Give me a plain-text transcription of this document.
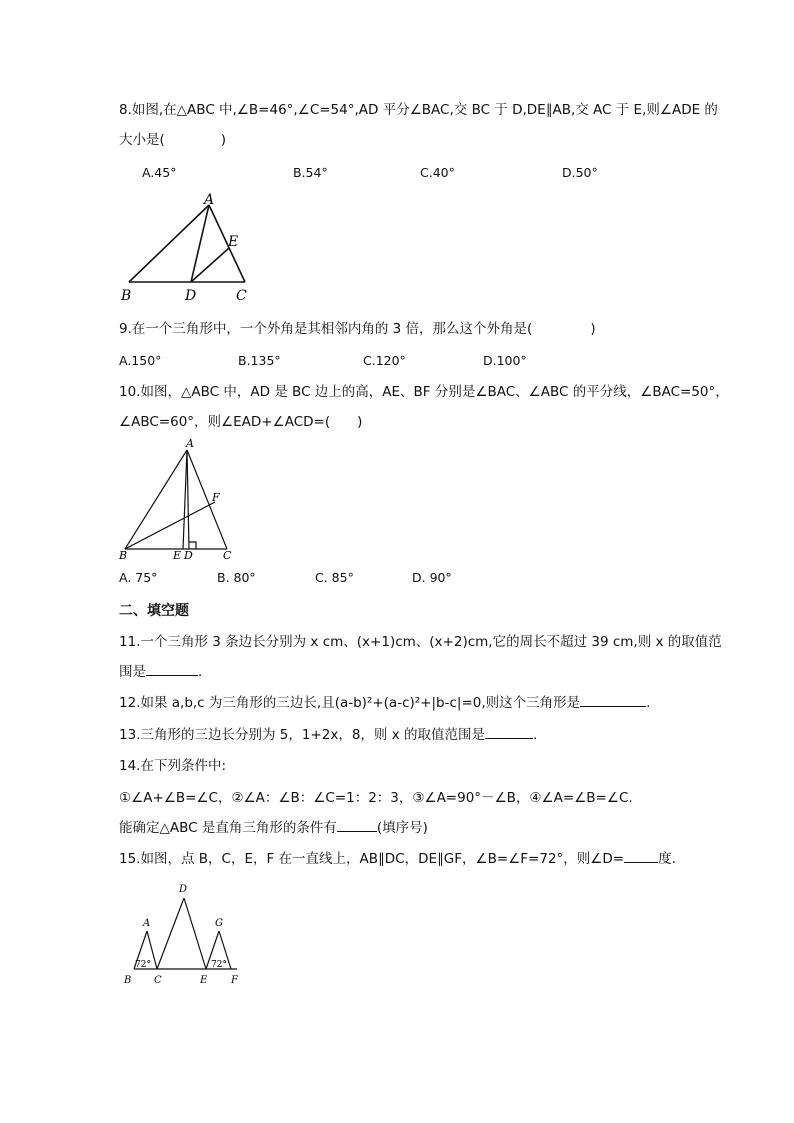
8.如图,在△ABC 中,∠B=46°,∠C=54°,AD 平分∠BAC,交 BC 于 D,DE∥AB,交 AC 于 E,则∠ADE 的
大小是(	)
A.45°	B.54°	C.40°	D.50°
A
B	D	C
E
9.在一个三角形中，一个外角是其相邻内角的 3 倍，那么这个外角是(	)
A.150°	B.135°	C.120°	D.100°
10.如图，△ABC 中，AD 是 BC 边上的高，AE、BF 分别是∠BAC、∠ABC 的平分线，∠BAC=50°，
∠ABC=60°，则∠EAD+∠ACD=(　　)
A
B	E D	C
F
A. 75°	B. 80°	C. 85°	D. 90°
二、填空题
11.一个三角形 3 条边长分别为 x cm、(x+1)cm、(x+2)cm,它的周长不超过 39 cm,则 x 的取值范
围是	.
12.如果 a,b,c 为三角形的三边长,且(a-b)²+(a-c)²+|b-c|=0,则这个三角形是	.
13.三角形的三边长分别为 5，1+2x，8，则 x 的取值范围是	.
14.在下列条件中:
①∠A+∠B=∠C，②∠A：∠B：∠C=1：2：3，③∠A=90°－∠B，④∠A=∠B=∠C.
能确定△ABC 是直角三角形的条件有	(填序号)
15.如图，点 B，C，E，F 在一直线上，AB∥DC，DE∥GF，∠B=∠F=72°，则∠D=	度.
A
D
G
B C	E F
72°	72°
